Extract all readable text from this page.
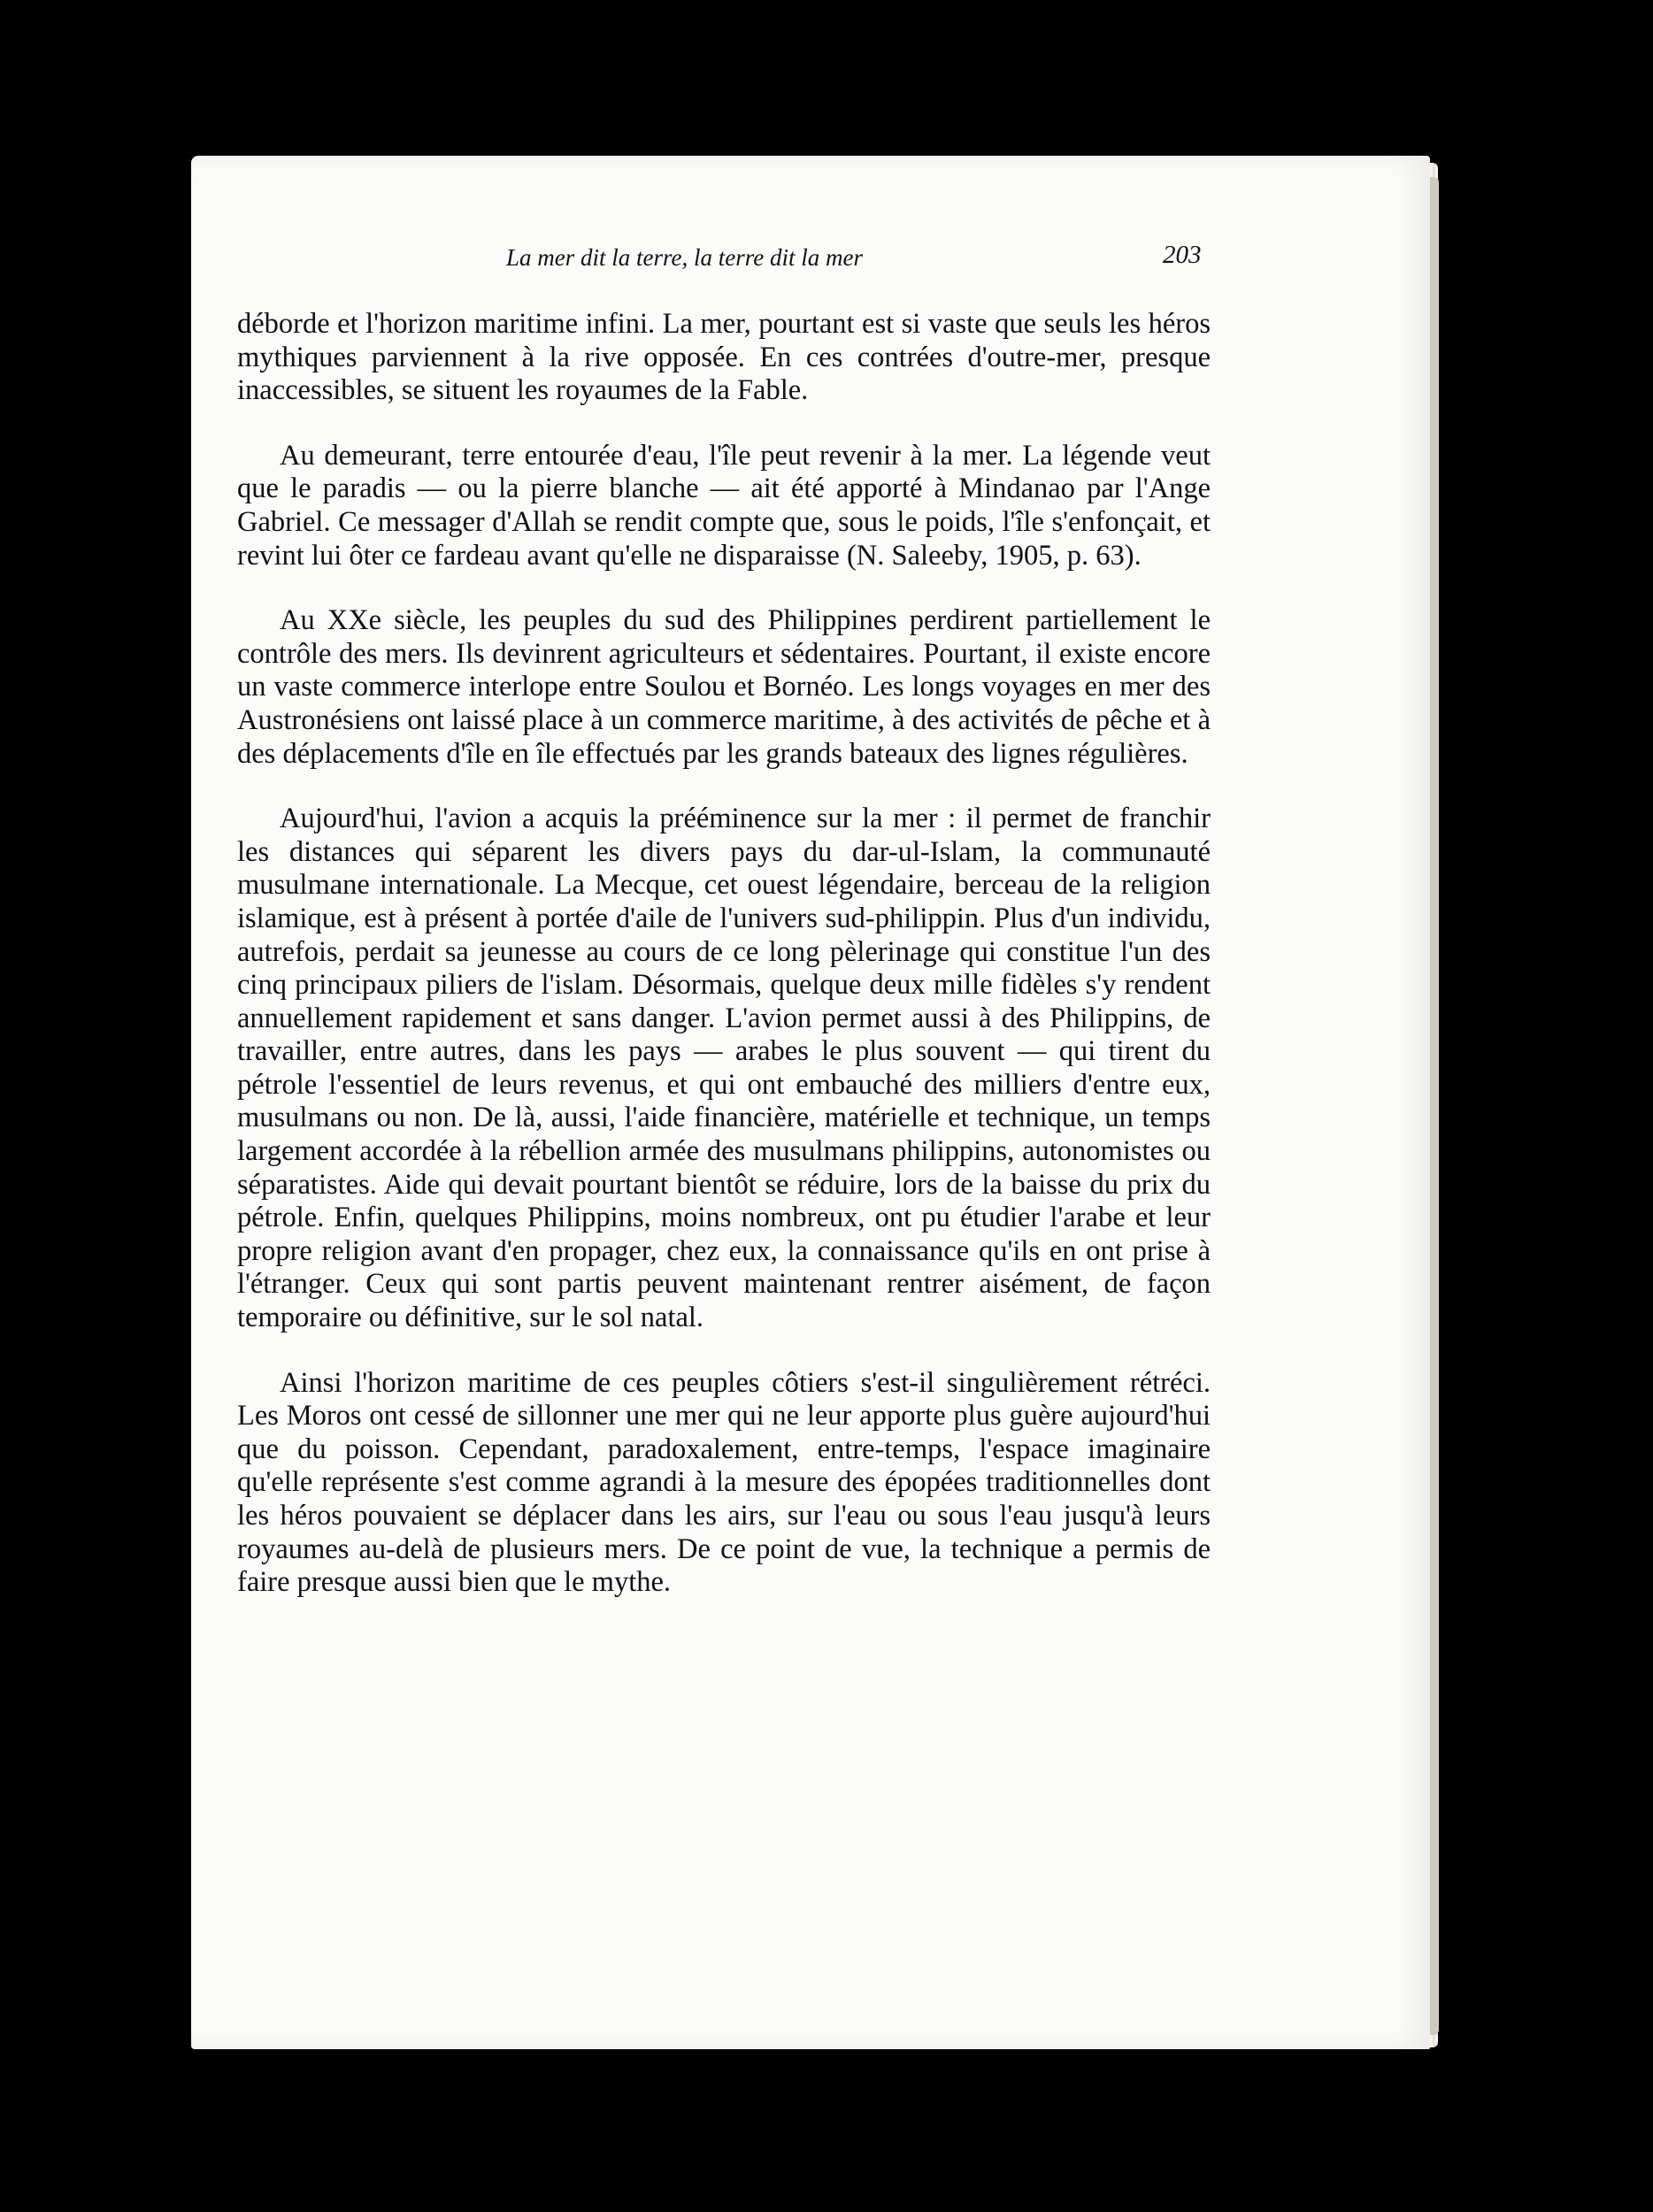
La mer dit la terre, la terre dit la mer	203

déborde et l'horizon maritime infini. La mer, pourtant est si vaste que seuls les héros mythiques parviennent à la rive opposée. En ces contrées d'outre-mer, presque inaccessibles, se situent les royaumes de la Fable.

Au demeurant, terre entourée d'eau, l'île peut revenir à la mer. La légende veut que le paradis — ou la pierre blanche — ait été apporté à Mindanao par l'Ange Gabriel. Ce messager d'Allah se rendit compte que, sous le poids, l'île s'enfonçait, et revint lui ôter ce fardeau avant qu'elle ne disparaisse (N. Saleeby, 1905, p. 63).

Au XXe siècle, les peuples du sud des Philippines perdirent partiellement le contrôle des mers. Ils devinrent agriculteurs et sédentaires. Pourtant, il existe encore un vaste commerce interlope entre Soulou et Bornéo. Les longs voyages en mer des Austronésiens ont laissé place à un commerce maritime, à des activités de pêche et à des déplacements d'île en île effectués par les grands bateaux des lignes régulières.

Aujourd'hui, l'avion a acquis la prééminence sur la mer : il permet de franchir les distances qui séparent les divers pays du dar-ul-Islam, la communauté musulmane internationale. La Mecque, cet ouest légendaire, berceau de la religion islamique, est à présent à portée d'aile de l'univers sud-philippin. Plus d'un individu, autrefois, perdait sa jeunesse au cours de ce long pèlerinage qui constitue l'un des cinq principaux piliers de l'islam. Désormais, quelque deux mille fidèles s'y rendent annuellement rapidement et sans danger. L'avion permet aussi à des Philippins, de travailler, entre autres, dans les pays — arabes le plus souvent — qui tirent du pétrole l'essentiel de leurs revenus, et qui ont embauché des milliers d'entre eux, musulmans ou non. De là, aussi, l'aide financière, matérielle et technique, un temps largement accordée à la rébellion armée des musulmans philippins, autonomistes ou séparatistes. Aide qui devait pourtant bientôt se réduire, lors de la baisse du prix du pétrole. Enfin, quelques Philippins, moins nombreux, ont pu étudier l'arabe et leur propre religion avant d'en propager, chez eux, la connaissance qu'ils en ont prise à l'étranger. Ceux qui sont partis peuvent maintenant rentrer aisément, de façon temporaire ou définitive, sur le sol natal.

Ainsi l'horizon maritime de ces peuples côtiers s'est-il singulièrement rétréci. Les Moros ont cessé de sillonner une mer qui ne leur apporte plus guère aujourd'hui que du poisson. Cependant, paradoxalement, entre-temps, l'espace imaginaire qu'elle représente s'est comme agrandi à la mesure des épopées traditionnelles dont les héros pouvaient se déplacer dans les airs, sur l'eau ou sous l'eau jusqu'à leurs royaumes au-delà de plusieurs mers. De ce point de vue, la technique a permis de faire presque aussi bien que le mythe.
